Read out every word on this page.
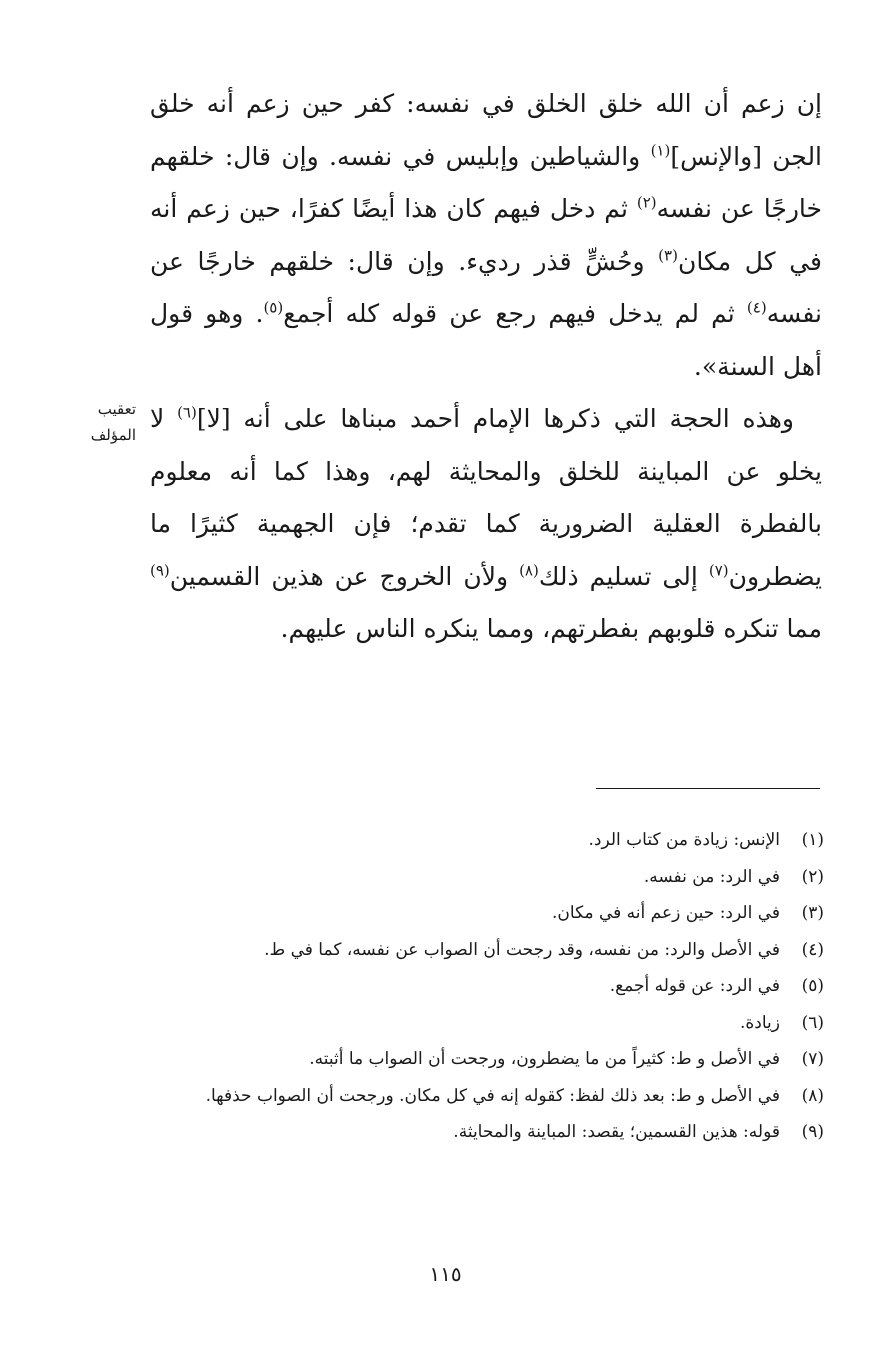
إن زعم أن الله خلق الخلق في نفسه: كفر حين زعم أنه خلق الجن [والإنس]$^{(١)}$ والشياطين وإبليس في نفسه. وإن قال: خلقهم خارجًا عن نفسه$^{(٢)}$ ثم دخل فيهم كان هذا أيضًا كفرًا، حين زعم أنه في كل مكان$^{(٣)}$ وحُشٍّ قذر رديء. وإن قال: خلقهم خارجًا عن نفسه$^{(٤)}$ ثم لم يدخل فيهم رجع عن قوله كله أجمع$^{(٥)}$. وهو قول أهل السنة».

وهذه الحجة التي ذكرها الإمام أحمد مبناها على أنه [لا]$^{(٦)}$ لا يخلو عن المباينة للخلق والمحايثة لهم، وهذا كما أنه معلوم بالفطرة العقلية الضرورية كما تقدم؛ فإن الجهمية كثيرًا ما يضطرون$^{(٧)}$ إلى تسليم ذلك$^{(٨)}$ ولأن الخروج عن هذين القسمين$^{(٩)}$ مما تنكره قلوبهم بفطرتهم، ومما ينكره الناس عليهم.

تعقيب
المؤلف
(١)
الإنس: زيادة من كتاب الرد.
(٢)
في الرد: من نفسه.
(٣)
في الرد: حين زعم أنه في مكان.
(٤)
في الأصل والرد: من نفسه، وقد رجحت أن الصواب عن نفسه، كما في ط.
(٥)
في الرد: عن قوله أجمع.
(٦)
زيادة.
(٧)
في الأصل و ط: كثيراً من ما يضطرون، ورجحت أن الصواب ما أثبته.
(٨)
في الأصل و ط: بعد ذلك لفظ: كقوله إنه في كل مكان. ورجحت أن الصواب حذفها.
(٩)
قوله: هذين القسمين؛ يقصد: المباينة والمحايثة.
١١٥
